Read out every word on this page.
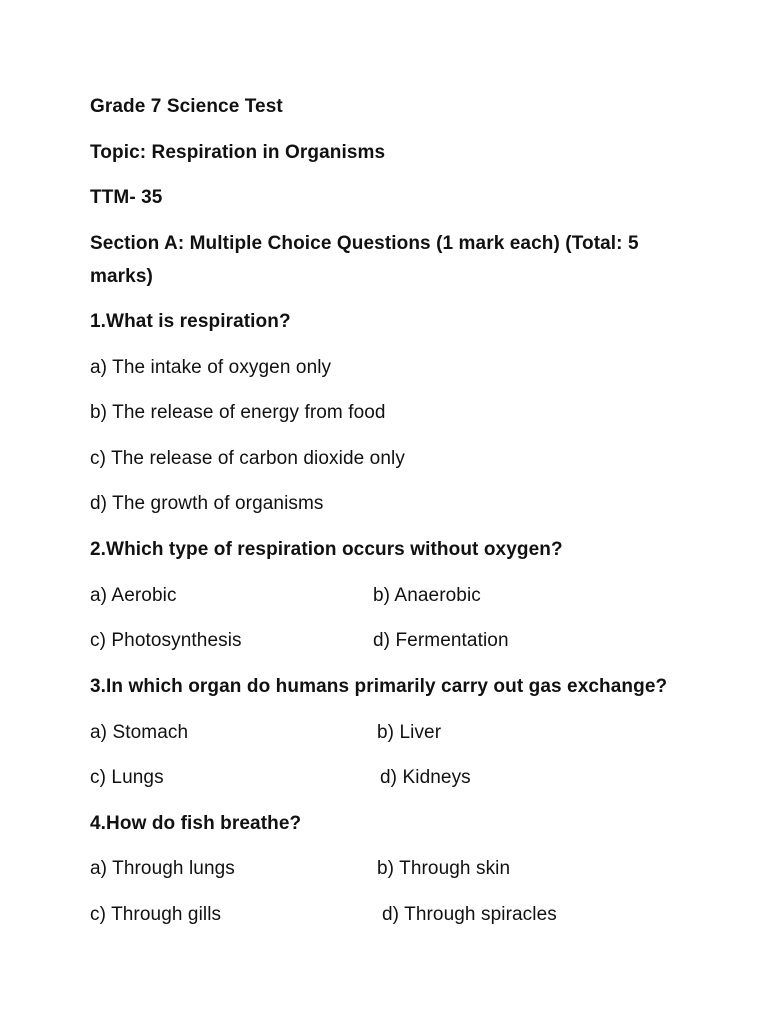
Grade 7 Science Test
Topic: Respiration in Organisms
TTM- 35
Section A: Multiple Choice Questions (1 mark each) (Total: 5
marks)
1.What is respiration?
a) The intake of oxygen only
b) The release of energy from food
c) The release of carbon dioxide only
d) The growth of organisms
2.Which type of respiration occurs without oxygen?
a) Aerobic	b) Anaerobic
c) Photosynthesis	d) Fermentation
3.In which organ do humans primarily carry out gas exchange?
a) Stomach	b) Liver
c) Lungs	d) Kidneys
4.How do fish breathe?
a) Through lungs	b) Through skin
c) Through gills	d) Through spiracles
